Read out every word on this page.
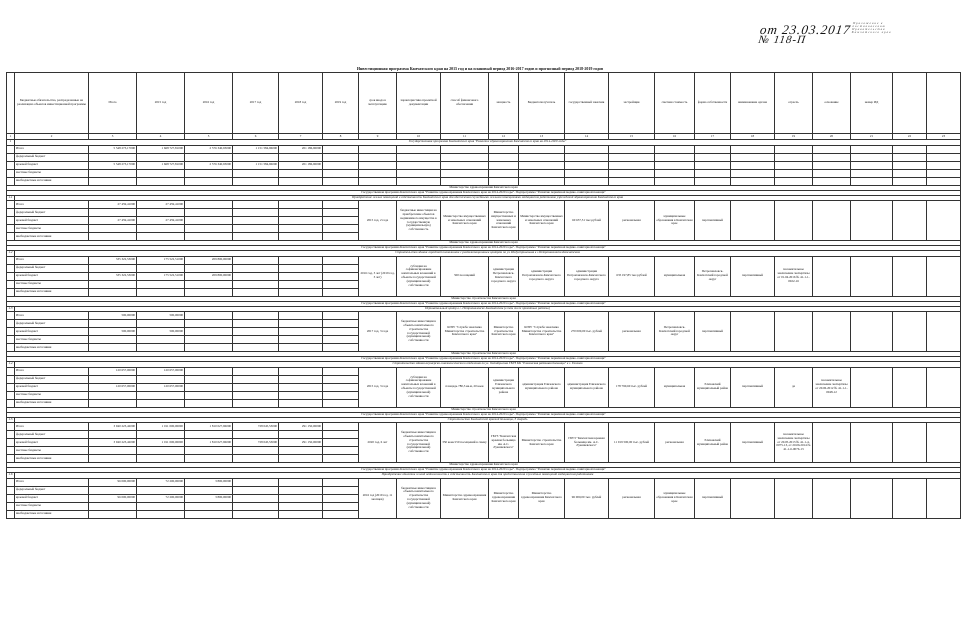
от 23.03.2017
№ 118-П
Приложение к постановлению Правительства Камчатского края
Инвестиционная программа Камчатского края на 2015 год и на плановый период 2016-2017 годов и прогнозный период 2018-2019 годов
	Бюджетные обязательства, распределенные на реализацию объектов инвестиционной программы	Итого	2015 год	2016 год	2017 год	2018 год	2019 год	срок ввода в эксплуатацию	характеристика проектной документации	способ финансового обеспечения	мощность	Бюджетополучатель	государственный заказчик	застройщик	сметная стоимость	форма собственности	наименование органа	отрасль	основание	номер ИД		
1	2	3	4	5	6	7	8	9	10	11	12	13	14	15	16	17	18	19	20	21	22	23
1	Государственная программа Камчатского края "Развитие здравоохранения Камчатского края на 2014-2020 годы"																					
	Итого	5 548 273,17000	1 668 727,81000	2 576 340,93000	1 151 584,96000	201 186,90000																
	федеральный бюджет																					
	краевой бюджет	5 548 273,17000	1 668 727,81000	2 576 340,93000	1 151 584,96000	201 186,90000																
	местные бюджеты																					
	внебюджетные источники																					
Министерство здравоохранения Камчатского края																						
Государственная программа Камчатского края "Развитие здравоохранения Камчатского края на 2014-2020 годы". Подпрограмма "Развитие первичной медико-санитарной помощи"																						
1.1	Приобретение жилых помещений в собственность Камчатского края для обеспечения служебными жилыми помещениями медицинских работников учреждений здравоохранения Камчатского края																					
	Итого	27 459,41000	27 459,41000					2015 год, 2 года	бюджетные инвестиции на приобретение объектов недвижимого имущества в государственную (муниципальную) собственность	Министерство имущественных и земельных отношений Камчатского края	Министерство имущественных и земельных отношений Камчатского края	Министерство имущественных и земельных отношений Камчатского края	60 637,51 тыс.рублей	региональная	муниципальные образования в Камчатском крае	перспективный						
	федеральный бюджет																					
	краевой бюджет	27 459,41000	27 459,41000																			
	местные бюджеты																					
	внебюджетные источники																					
Министерство здравоохранения Камчатского края																						
Государственная программа Камчатского края "Развитие здравоохранения Камчатского края на 2014-2020 годы". Подпрограмма "Развитие первичной медико-санитарной помощи"																						
1.2	Строительство здания городской поликлиники с реабилитационным центром по ул. Индустриальная в г.Петропавловске-Камчатском																					
	Итого	335 322,53000	175 522,51000	209 800,00000				2016 год, 3 лет (2019 год, 3 лет)	субсидии на софинансирование капитальных вложений в объекты государственной (муниципальной) собственности	500 посещений	администрация Петропавловск-Камчатского городского округа	администрация Петропавловск-Камчатского городского округа	администрация Петропавловск-Камчатского городского округа	635 197,85 тыс.рублей	муниципальная	Петропавловск-Камчатский городской округ	перспективный	положительное заключение экспертизы от 01.04.2016 № 41-1-1-0022-16				
	федеральный бюджет																					
	краевой бюджет	335 322,53000	175 522,51000	209 800,00000																		
	местные бюджеты																					
	внебюджетные источники																					
Министерство строительства Камчатского края																						
Государственная программа Камчатского края "Развитие здравоохранения Камчатского края на 2014-2020 годы". Подпрограмма "Развитие первичной медико-санитарной помощи"																						
1.3	Перинатальный центр в г. Петропавловске-Камчатском (в том числе проектные работы)																					
	Итого	500,00000	500,00000					2017 год, 3 года	бюджетные инвестиции в объекты капитального строительства государственной (муниципальной) собственности	КГБУ "Служба заказчика Министерства строительства Камчатского края"	Министерство строительства Камчатского края	КГБУ "Служба заказчика Министерства строительства Камчатского края"	270 000,00 тыс. рублей	региональная	Петропавловск-Камчатский городской округ	перспективный						
	федеральный бюджет																					
	краевой бюджет	500,00000	500,00000																			
	местные бюджеты																					
	внебюджетные источники																					
Министерство строительства Камчатского края																						
Государственная программа Камчатского края "Развитие здравоохранения Камчатского края на 2014-2020 годы". Подпрограмма "Развитие первичной медико-санитарной помощи"																						
1.4	Строительство здания акушерско-гинекологического отделения по ул. Октябрьская ГБУЗ КК "Елизовская районная больница" в г. Елизово																					
	Итого	120 657,00000	120 657,00000					2015 год, 3 года	субсидии на софинансирование капитальных вложений в объекты государственной (муниципальной) собственности	площадь 780,3 кв.м, 20 коек	администрация Елизовского муниципального района	администрация Елизовского муниципального района	администрация Елизовского муниципального района	178 790,60 тыс. рублей	муниципальная	Елизовский муниципальный район	перспективный	да	положительное заключение экспертизы от 20.06.2012 № 41-1-1-0048-12			
	федеральный бюджет																					
	краевой бюджет	120 657,00000	120 657,00000																			
	местные бюджеты																					
	внебюджетные источники																					
Министерство строительства Камчатского края																						
Государственная программа Камчатского края "Развитие здравоохранения Камчатского края на 2014-2020 годы". Подпрограмма "Развитие первичной медико-санитарной помощи"																						
1.5	Строительство Камчатской краевой больницы, 3 очередь																					
	Итого	3 940 223,42000	1 011 000,00000	1 810 027,96000	728 045,53000	291 150,00000		2020 год, 6 лет	бюджетные инвестиции в объекты капитального строительства государственной (муниципальной) собственности	350 коек/150 посещений в смену	ГБУЗ "Камчатская краевая больница им. А.С. Лукашевского"	Министерство строительства Камчатского края	ГБУЗ "Камчатская краевая больница им. А.С. Лукашевского"	11 919 500,00 тыс. рублей	региональная	Елизовский муниципальный район	перспективный	положительное заключение экспертизы от 20.05.2013 № 41-1-4-0075-13, от 20.06.2014 № 41-1-6-0076-13				
	федеральный бюджет																					
	краевой бюджет	3 940 223,42000	1 011 000,00000	1 810 027,96000	728 045,53000	291 150,00000																
	местные бюджеты																					
	внебюджетные источники																					
Министерство здравоохранения Камчатского края																						
Государственная программа Камчатского края "Развитие здравоохранения Камчатского края на 2014-2020 годы". Подпрограмма "Развитие первичной медико-санитарной помощи"																						
1.6	Приобретение объектов жилой недвижимости в собственность Камчатского края для предоставления служебных помещений медицинским работникам																					
	Итого	96 000,00000	72 200,00000	3 800,00000				2016 год (2019 год, 11 месяцев)	бюджетные инвестиции в объекты капитального строительства государственной (муниципальной) собственности	Министерство здравоохранения Камчатского края	Министерство здравоохранения Камчатского края	Министерство здравоохранения Камчатского края	96 000,00 тыс. рублей	региональная	муниципальные образования в Камчатском крае	перспективный						
	федеральный бюджет																					
	краевой бюджет	96 000,00000	72 200,00000	3 800,00000																		
	местные бюджеты																					
	внебюджетные источники																					
